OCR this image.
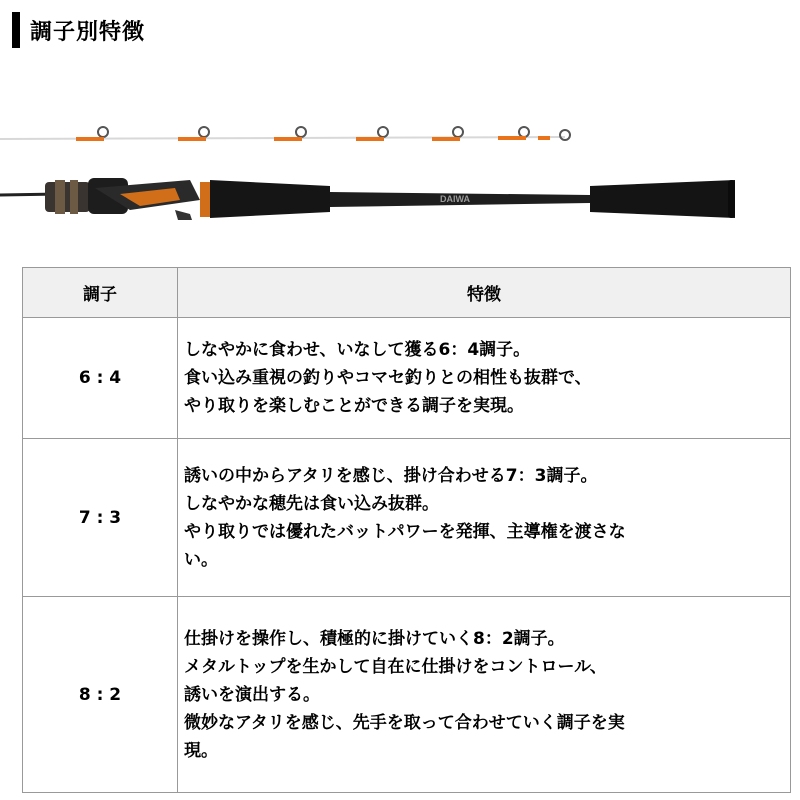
調子別特徴
DAIWA
調子	特徴
6 : 4	しなやかに食わせ、いなして獲る6：4調子。
食い込み重視の釣りやコマセ釣りとの相性も抜群で、
やり取りを楽しむことができる調子を実現。
7 : 3	誘いの中からアタリを感じ、掛け合わせる7：3調子。
しなやかな穂先は食い込み抜群。
やり取りでは優れたバットパワーを発揮、主導権を渡さな
い。
8 : 2	仕掛けを操作し、積極的に掛けていく8：2調子。
メタルトップを生かして自在に仕掛けをコントロール、
誘いを演出する。
微妙なアタリを感じ、先手を取って合わせていく調子を実
現。
